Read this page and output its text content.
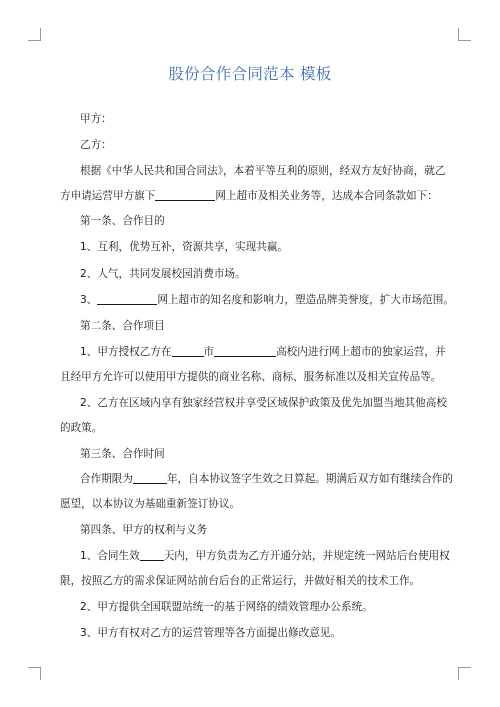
股份合作合同范本 模板
甲方：
乙方：
根据《中华人民共和国合同法》，本着平等互利的原则，经双方友好协商，就乙
方申请运营甲方旗下	网上超市及相关业务等，达成本合同条款如下：
第一条、合作目的
1、互利，优势互补，资源共享，实现共赢。
2、人气，共同发展校园消费市场。
3、	网上超市的知名度和影响力，塑造品牌美誉度，扩大市场范围。
第二条、合作项目
1、甲方授权乙方在	市	高校内进行网上超市的独家运营，并
且经甲方允许可以使用甲方提供的商业名称、商标、服务标准以及相关宣传品等。
2、乙方在区域内享有独家经营权并享受区域保护政策及优先加盟当地其他高校
的政策。
第三条、合作时间
合作期限为	年，自本协议签字生效之日算起。期满后双方如有继续合作的
愿望，以本协议为基础重新签订协议。
第四条、甲方的权利与义务
1、合同生效 天内，甲方负责为乙方开通分站，并规定统一网站后台使用权
限，按照乙方的需求保证网站前台后台的正常运行，并做好相关的技术工作。
2、甲方提供全国联盟站统一的基于网络的绩效管理办公系统。
3、甲方有权对乙方的运营管理等各方面提出修改意见。
